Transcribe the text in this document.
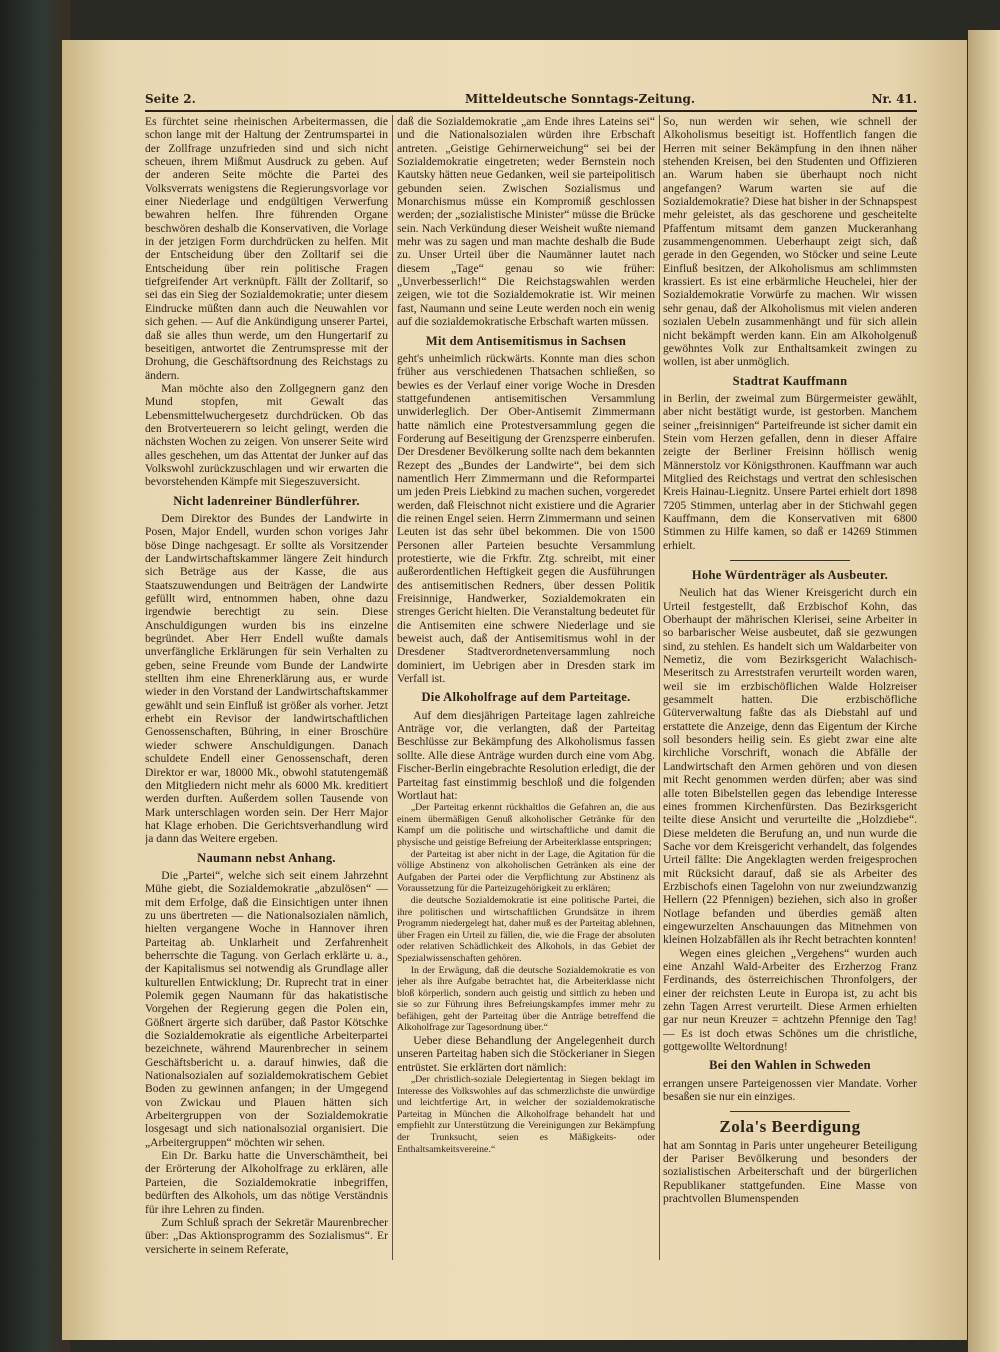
Seite 2.	Mitteldeutsche Sonntags-Zeitung.	Nr. 41.

Es fürchtet seine rheinischen Arbeitermassen, die schon lange mit der Haltung der Zentrumspartei in der Zollfrage unzufrieden sind und sich nicht scheuen, ihrem Mißmut Ausdruck zu geben. Auf der anderen Seite möchte die Partei des Volksverrats wenigstens die Regierungsvorlage vor einer Niederlage und endgültigen Verwerfung bewahren helfen. Ihre führenden Organe beschwören deshalb die Konservativen, die Vorlage in der jetzigen Form durchdrücken zu helfen. Mit der Entscheidung über den Zolltarif sei die Entscheidung über rein politische Fragen tiefgreifender Art verknüpft. Fällt der Zolltarif, so sei das ein Sieg der Sozialdemokratie; unter diesem Eindrucke müßten dann auch die Neuwahlen vor sich gehen. — Auf die Ankündigung unserer Partei, daß sie alles thun werde, um den Hungertarif zu beseitigen, antwortet die Zentrumspresse mit der Drohung, die Geschäftsordnung des Reichstags zu ändern.

Man möchte also den Zollgegnern ganz den Mund stopfen, mit Gewalt das Lebensmittelwuchergesetz durchdrücken. Ob das den Brotverteuerern so leicht gelingt, werden die nächsten Wochen zu zeigen. Von unserer Seite wird alles geschehen, um das Attentat der Junker auf das Volkswohl zurückzuschlagen und wir erwarten die bevorstehenden Kämpfe mit Siegeszuversicht.

Nicht ladenreiner Bündlerführer.

Dem Direktor des Bundes der Landwirte in Posen, Major Endell, wurden schon voriges Jahr böse Dinge nachgesagt. Er sollte als Vorsitzender der Landwirtschaftskammer längere Zeit hindurch sich Beträge aus der Kasse, die aus Staatszuwendungen und Beiträgen der Landwirte gefüllt wird, entnommen haben, ohne dazu irgendwie berechtigt zu sein. Diese Anschuldigungen wurden bis ins einzelne begründet. Aber Herr Endell wußte damals unverfängliche Erklärungen für sein Verhalten zu geben, seine Freunde vom Bunde der Landwirte stellten ihm eine Ehrenerklärung aus, er wurde wieder in den Vorstand der Landwirtschaftskammer gewählt und sein Einfluß ist größer als vorher. Jetzt erhebt ein Revisor der landwirtschaftlichen Genossenschaften, Bühring, in einer Broschüre wieder schwere Anschuldigungen. Danach schuldete Endell einer Genossenschaft, deren Direktor er war, 18000 Mk., obwohl statutengemäß den Mitgliedern nicht mehr als 6000 Mk. kreditiert werden durften. Außerdem sollen Tausende von Mark unterschlagen worden sein. Der Herr Major hat Klage erhoben. Die Gerichtsverhandlung wird ja dann das Weitere ergeben.

Naumann nebst Anhang.

Die „Partei“, welche sich seit einem Jahrzehnt Mühe giebt, die Sozialdemokratie „abzulösen“ — mit dem Erfolge, daß die Einsichtigen unter ihnen zu uns übertreten — die Nationalsozialen nämlich, hielten vergangene Woche in Hannover ihren Parteitag ab. Unklarheit und Zerfahrenheit beherrschte die Tagung. von Gerlach erklärte u. a., der Kapitalismus sei notwendig als Grundlage aller kulturellen Entwicklung; Dr. Ruprecht trat in einer Polemik gegen Naumann für das hakatistische Vorgehen der Regierung gegen die Polen ein, Gößnert ärgerte sich darüber, daß Pastor Kötschke die Sozialdemokratie als eigentliche Arbeiterpartei bezeichnete, während Maurenbrecher in seinem Geschäftsbericht u. a. darauf hinwies, daß die Nationalsozialen auf sozialdemokratischem Gebiet Boden zu gewinnen anfangen; in der Umgegend von Zwickau und Plauen hätten sich Arbeitergruppen von der Sozialdemokratie losgesagt und sich nationalsozial organisiert. Die „Arbeitergruppen“ möchten wir sehen.

Ein Dr. Barku hatte die Unverschämtheit, bei der Erörterung der Alkoholfrage zu erklären, alle Parteien, die Sozialdemokratie inbegriffen, bedürften des Alkohols, um das nötige Verständnis für ihre Lehren zu finden.

Zum Schluß sprach der Sekretär Maurenbrecher über: „Das Aktionsprogramm des Sozialismus“. Er versicherte in seinem Referate,

daß die Sozialdemokratie „am Ende ihres Lateins sei“ und die Nationalsozialen würden ihre Erbschaft antreten. „Geistige Gehirnerweichung“ sei bei der Sozialdemokratie eingetreten; weder Bernstein noch Kautsky hätten neue Gedanken, weil sie parteipolitisch gebunden seien. Zwischen Sozialismus und Monarchismus müsse ein Kompromiß geschlossen werden; der „sozialistische Minister“ müsse die Brücke sein. Nach Verkündung dieser Weisheit wußte niemand mehr was zu sagen und man machte deshalb die Bude zu. Unser Urteil über die Naumänner lautet nach diesem „Tage“ genau so wie früher: „Unverbesserlich!“ Die Reichstagswahlen werden zeigen, wie tot die Sozialdemokratie ist. Wir meinen fast, Naumann und seine Leute werden noch ein wenig auf die sozialdemokratische Erbschaft warten müssen.

Mit dem Antisemitismus in Sachsen

geht's unheimlich rückwärts. Konnte man dies schon früher aus verschiedenen Thatsachen schließen, so bewies es der Verlauf einer vorige Woche in Dresden stattgefundenen antisemitischen Versammlung unwiderleglich. Der Ober-Antisemit Zimmermann hatte nämlich eine Protestversammlung gegen die Forderung auf Beseitigung der Grenzsperre einberufen. Der Dresdener Bevölkerung sollte nach dem bekannten Rezept des „Bundes der Landwirte“, bei dem sich namentlich Herr Zimmermann und die Reformpartei um jeden Preis Liebkind zu machen suchen, vorgeredet werden, daß Fleischnot nicht existiere und die Agrarier die reinen Engel seien. Herrn Zimmermann und seinen Leuten ist das sehr übel bekommen. Die von 1500 Personen aller Parteien besuchte Versammlung protestierte, wie die Frkftr. Ztg. schreibt, mit einer außerordentlichen Heftigkeit gegen die Ausführungen des antisemitischen Redners, über dessen Politik Freisinnige, Handwerker, Sozialdemokraten ein strenges Gericht hielten. Die Veranstaltung bedeutet für die Antisemiten eine schwere Niederlage und sie beweist auch, daß der Antisemitismus wohl in der Dresdener Stadtverordnetenversammlung noch dominiert, im Uebrigen aber in Dresden stark im Verfall ist.

Die Alkoholfrage auf dem Parteitage.

Auf dem diesjährigen Parteitage lagen zahlreiche Anträge vor, die verlangten, daß der Parteitag Beschlüsse zur Bekämpfung des Alkoholismus fassen sollte. Alle diese Anträge wurden durch eine vom Abg. Fischer-Berlin eingebrachte Resolution erledigt, die der Parteitag fast einstimmig beschloß und die folgenden Wortlaut hat:

„Der Parteitag erkennt rückhaltlos die Gefahren an, die aus einem übermäßigen Genuß alkoholischer Getränke für den Kampf um die politische und wirtschaftliche und damit die physische und geistige Befreiung der Arbeiterklasse entspringen;

der Parteitag ist aber nicht in der Lage, die Agitation für die völlige Abstinenz von alkoholischen Getränken als eine der Aufgaben der Partei oder die Verpflichtung zur Abstinenz als Voraussetzung für die Parteizugehörigkeit zu erklären;

die deutsche Sozialdemokratie ist eine politische Partei, die ihre politischen und wirtschaftlichen Grundsätze in ihrem Programm niedergelegt hat, daher muß es der Parteitag ablehnen, über Fragen ein Urteil zu fällen, die, wie die Frage der absoluten oder relativen Schädlichkeit des Alkohols, in das Gebiet der Spezialwissenschaften gehören.

In der Erwägung, daß die deutsche Sozialdemokratie es von jeher als ihre Aufgabe betrachtet hat, die Arbeiterklasse nicht bloß körperlich, sondern auch geistig und sittlich zu heben und sie so zur Führung ihres Befreiungskampfes immer mehr zu befähigen, geht der Parteitag über die Anträge betreffend die Alkoholfrage zur Tagesordnung über.“

Ueber diese Behandlung der Angelegenheit durch unseren Parteitag haben sich die Stöckerianer in Siegen entrüstet. Sie erklärten dort nämlich:

„Der christlich-soziale Delegiertentag in Siegen beklagt im Interesse des Volkswohles auf das schmerzlichste die unwürdige und leichtfertige Art, in welcher der sozialdemokratische Parteitag in München die Alkoholfrage behandelt hat und empfiehlt zur Unterstützung die Vereinigungen zur Bekämpfung der Trunksucht, seien es Mäßigkeits- oder Enthaltsamkeitsvereine.“

So, nun werden wir sehen, wie schnell der Alkoholismus beseitigt ist. Hoffentlich fangen die Herren mit seiner Bekämpfung in den ihnen näher stehenden Kreisen, bei den Studenten und Offizieren an. Warum haben sie überhaupt noch nicht angefangen? Warum warten sie auf die Sozialdemokratie? Diese hat bisher in der Schnapspest mehr geleistet, als das geschorene und gescheitelte Pfaffentum mitsamt dem ganzen Muckeranhang zusammengenommen. Ueberhaupt zeigt sich, daß gerade in den Gegenden, wo Stöcker und seine Leute Einfluß besitzen, der Alkoholismus am schlimmsten krassiert. Es ist eine erbärmliche Heuchelei, hier der Sozialdemokratie Vorwürfe zu machen. Wir wissen sehr genau, daß der Alkoholismus mit vielen anderen sozialen Uebeln zusammenhängt und für sich allein nicht bekämpft werden kann. Ein am Alkoholgenuß gewöhntes Volk zur Enthaltsamkeit zwingen zu wollen, ist aber unmöglich.

Stadtrat Kauffmann

in Berlin, der zweimal zum Bürgermeister gewählt, aber nicht bestätigt wurde, ist gestorben. Manchem seiner „freisinnigen“ Parteifreunde ist sicher damit ein Stein vom Herzen gefallen, denn in dieser Affaire zeigte der Berliner Freisinn höllisch wenig Männerstolz vor Königsthronen. Kauffmann war auch Mitglied des Reichstags und vertrat den schlesischen Kreis Hainau-Liegnitz. Unsere Partei erhielt dort 1898 7205 Stimmen, unterlag aber in der Stichwahl gegen Kauffmann, dem die Konservativen mit 6800 Stimmen zu Hilfe kamen, so daß er 14269 Stimmen erhielt.

Hohe Würdenträger als Ausbeuter.

Neulich hat das Wiener Kreisgericht durch ein Urteil festgestellt, daß Erzbischof Kohn, das Oberhaupt der mährischen Klerisei, seine Arbeiter in so barbarischer Weise ausbeutet, daß sie gezwungen sind, zu stehlen. Es handelt sich um Waldarbeiter von Nemetiz, die vom Bezirksgericht Walachisch-Meseritsch zu Arreststrafen verurteilt worden waren, weil sie im erzbischöflichen Walde Holzreiser gesammelt hatten. Die erzbischöfliche Güterverwaltung faßte das als Diebstahl auf und erstattete die Anzeige, denn das Eigentum der Kirche soll besonders heilig sein. Es giebt zwar eine alte kirchliche Vorschrift, wonach die Abfälle der Landwirtschaft den Armen gehören und von diesen mit Recht genommen werden dürfen; aber was sind alle toten Bibelstellen gegen das lebendige Interesse eines frommen Kirchenfürsten. Das Bezirksgericht teilte diese Ansicht und verurteilte die „Holzdiebe“. Diese meldeten die Berufung an, und nun wurde die Sache vor dem Kreisgericht verhandelt, das folgendes Urteil fällte: Die Angeklagten werden freigesprochen mit Rücksicht darauf, daß sie als Arbeiter des Erzbischofs einen Tagelohn von nur zweiundzwanzig Hellern (22 Pfennigen) beziehen, sich also in großer Notlage befanden und überdies gemäß alten eingewurzelten Anschauungen das Mitnehmen von kleinen Holzabfällen als ihr Recht betrachten konnten!

Wegen eines gleichen „Vergehens“ wurden auch eine Anzahl Wald-Arbeiter des Erzherzog Franz Ferdinands, des österreichischen Thronfolgers, der einer der reichsten Leute in Europa ist, zu acht bis zehn Tagen Arrest verurteilt. Diese Armen erhielten gar nur neun Kreuzer = achtzehn Pfennige den Tag! — Es ist doch etwas Schönes um die christliche, gottgewollte Weltordnung!

Bei den Wahlen in Schweden

errangen unsere Parteigenossen vier Mandate. Vorher besaßen sie nur ein einziges.

Zola's Beerdigung

hat am Sonntag in Paris unter ungeheurer Beteiligung der Pariser Bevölkerung und besonders der sozialistischen Arbeiterschaft und der bürgerlichen Republikaner stattgefunden. Eine Masse von prachtvollen Blumenspenden
